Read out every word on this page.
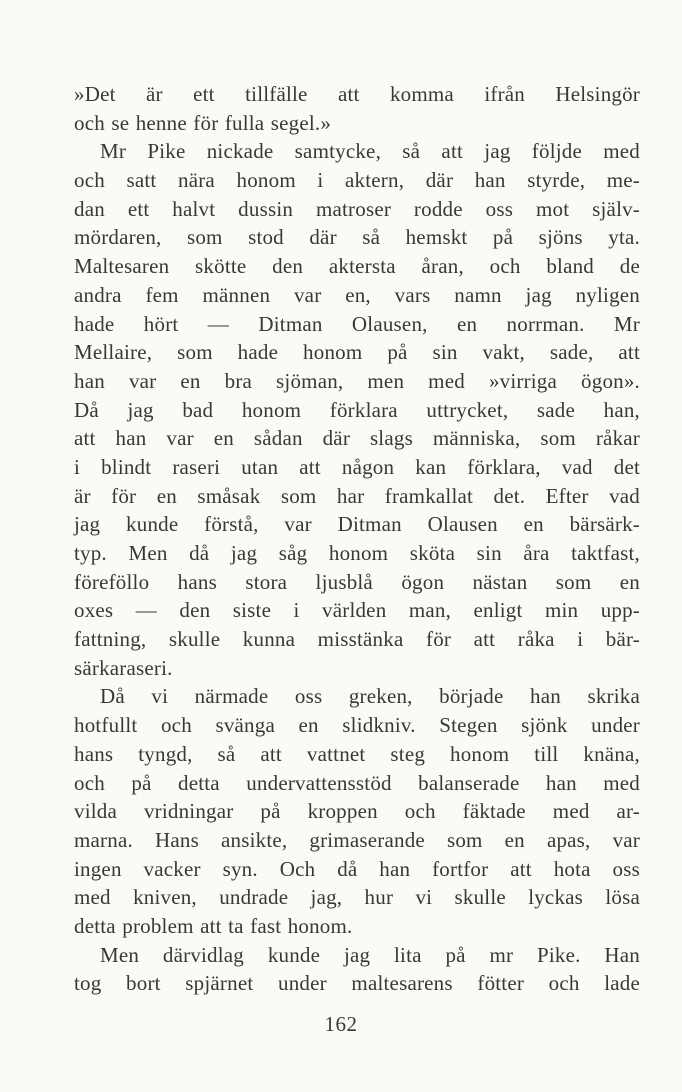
»Det är ett tillfälle att komma ifrån Helsingör
och se henne för fulla segel.»
Mr Pike nickade samtycke, så att jag följde med
och satt nära honom i aktern, där han styrde, me-
dan ett halvt dussin matroser rodde oss mot själv-
mördaren, som stod där så hemskt på sjöns yta.
Maltesaren skötte den aktersta åran, och bland de
andra fem männen var en, vars namn jag nyligen
hade hört — Ditman Olausen, en norrman. Mr
Mellaire, som hade honom på sin vakt, sade, att
han var en bra sjöman, men med »virriga ögon».
Då jag bad honom förklara uttrycket, sade han,
att han var en sådan där slags människa, som råkar
i blindt raseri utan att någon kan förklara, vad det
är för en småsak som har framkallat det. Efter vad
jag kunde förstå, var Ditman Olausen en bärsärk-
typ. Men då jag såg honom sköta sin åra taktfast,
föreföllo hans stora ljusblå ögon nästan som en
oxes — den siste i världen man, enligt min upp-
fattning, skulle kunna misstänka för att råka i bär-
särkaraseri.
Då vi närmade oss greken, började han skrika
hotfullt och svänga en slidkniv. Stegen sjönk under
hans tyngd, så att vattnet steg honom till knäna,
och på detta undervattensstöd balanserade han med
vilda vridningar på kroppen och fäktade med ar-
marna. Hans ansikte, grimaserande som en apas, var
ingen vacker syn. Och då han fortfor att hota oss
med kniven, undrade jag, hur vi skulle lyckas lösa
detta problem att ta fast honom.
Men därvidlag kunde jag lita på mr Pike. Han
tog bort spjärnet under maltesarens fötter och lade
162
